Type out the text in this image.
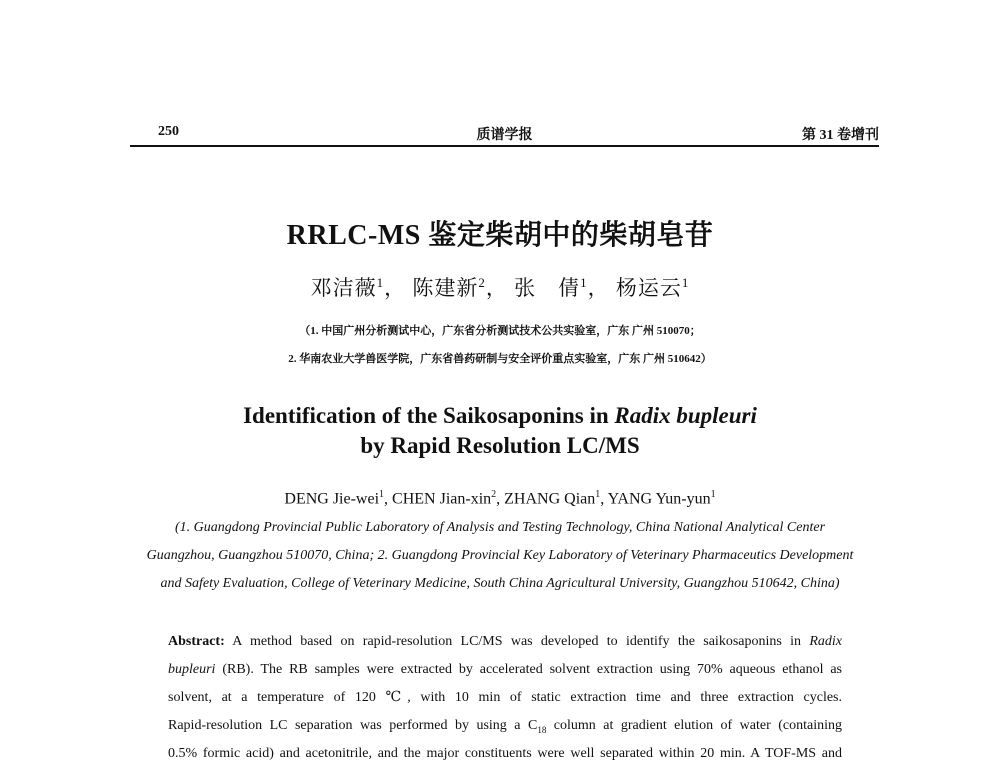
250	质谱学报	第 31 卷增刊
RRLC-MS 鉴定柴胡中的柴胡皂苷
邓洁薇$^1$， 陈建新$^2$， 张　倩$^1$， 杨运云$^1$
（1. 中国广州分析测试中心，广东省分析测试技术公共实验室，广东 广州 510070；
2. 华南农业大学兽医学院，广东省兽药研制与安全评价重点实验室，广东 广州 510642）
Identification of the Saikosaponins in Radix bupleuri
by Rapid Resolution LC/MS
DENG Jie-wei$^1$, CHEN Jian-xin$^2$, ZHANG Qian$^1$, YANG Yun-yun$^1$
(1. Guangdong Provincial Public Laboratory of Analysis and Testing Technology, China National Analytical Center
Guangzhou, Guangzhou 510070, China; 2. Guangdong Provincial Key Laboratory of Veterinary Pharmaceutics Development
and Safety Evaluation, College of Veterinary Medicine, South China Agricultural University, Guangzhou 510642, China)
Abstract: A method based on rapid-resolution LC/MS was developed to identify the saikosaponins in Radix
bupleuri (RB). The RB samples were extracted by accelerated solvent extraction using 70% aqueous ethanol as
solvent, at a temperature of 120 ℃, with 10 min of static extraction time and three extraction cycles.
Rapid-resolution LC separation was performed by using a $C_{18}$ column at gradient elution of water (containing
0.5% formic acid) and acetonitrile, and the major constituents were well separated within 20 min. A TOF-MS and
